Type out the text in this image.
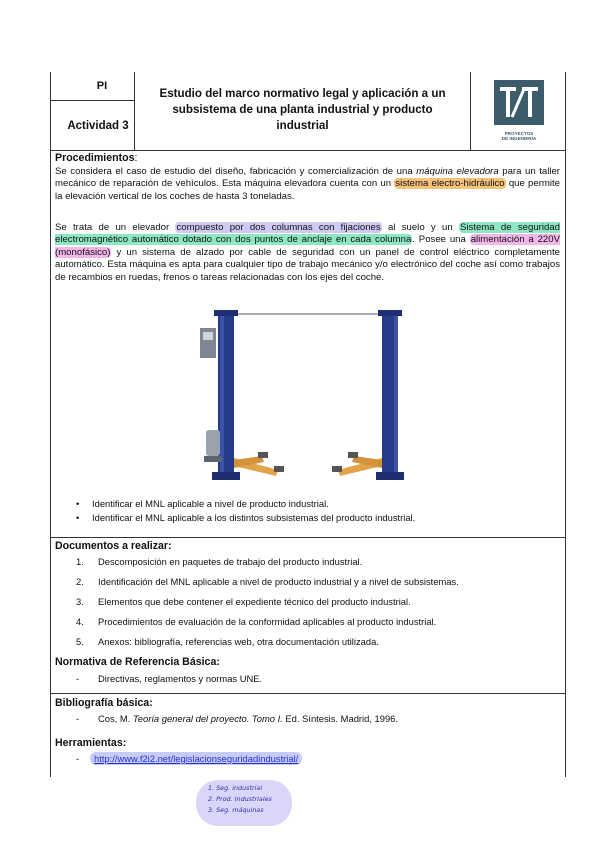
PI
Actividad 3
Estudio del marco normativo legal y aplicación a un
subsistema de una planta industrial y producto
industrial
PROYECTOS
DE INGENIERÍA
Procedimientos:
Se considera el caso de estudio del diseño, fabricación y comercialización de una máquina elevadora para un taller mecánico de reparación de vehículos. Esta máquina elevadora cuenta con un sistema electro-hidráulico que permite la elevación vertical de los coches de hasta 3 toneladas.
Se trata de un elevador compuesto por dos columnas con fijaciones al suelo y un Sistema de seguridad electromagnético automático dotado con dos puntos de anclaje en cada columna. Posee una alimentación a 220V (monofásico) y un sistema de alzado por cable de seguridad con un panel de control eléctrico completamente automático. Esta máquina es apta para cualquier tipo de trabajo mecánico y/o electrónico del coche así como trabajos de recambios en ruedas, frenos o tareas relacionadas con los ejes del coche.
• Identificar el MNL aplicable a nivel de producto industrial.
• Identificar el MNL aplicable a los distintos subsistemas del producto industrial.
Documentos a realizar:
1. Descomposición en paquetes de trabajo del producto industrial.
2. Identificación del MNL aplicable a nivel de producto industrial y a nivel de subsistemas.
3. Elementos que debe contener el expediente técnico del producto industrial.
4. Procedimientos de evaluación de la conformidad aplicables al producto industrial.
5. Anexos: bibliografía, referencias web, otra documentación utilizada.
Normativa de Referencia Básica:
- Directivas, reglamentos y normas UNE.
Bibliografía básica:
- Cos, M. Teoría general del proyecto. Tomo I. Ed. Síntesis. Madrid, 1996.
Herramientas:
-	http://www.f2i2.net/legislacionseguridadindustrial/
1. Seg. industrial
2. Prod. Industriales
3. Seg. máquinas
